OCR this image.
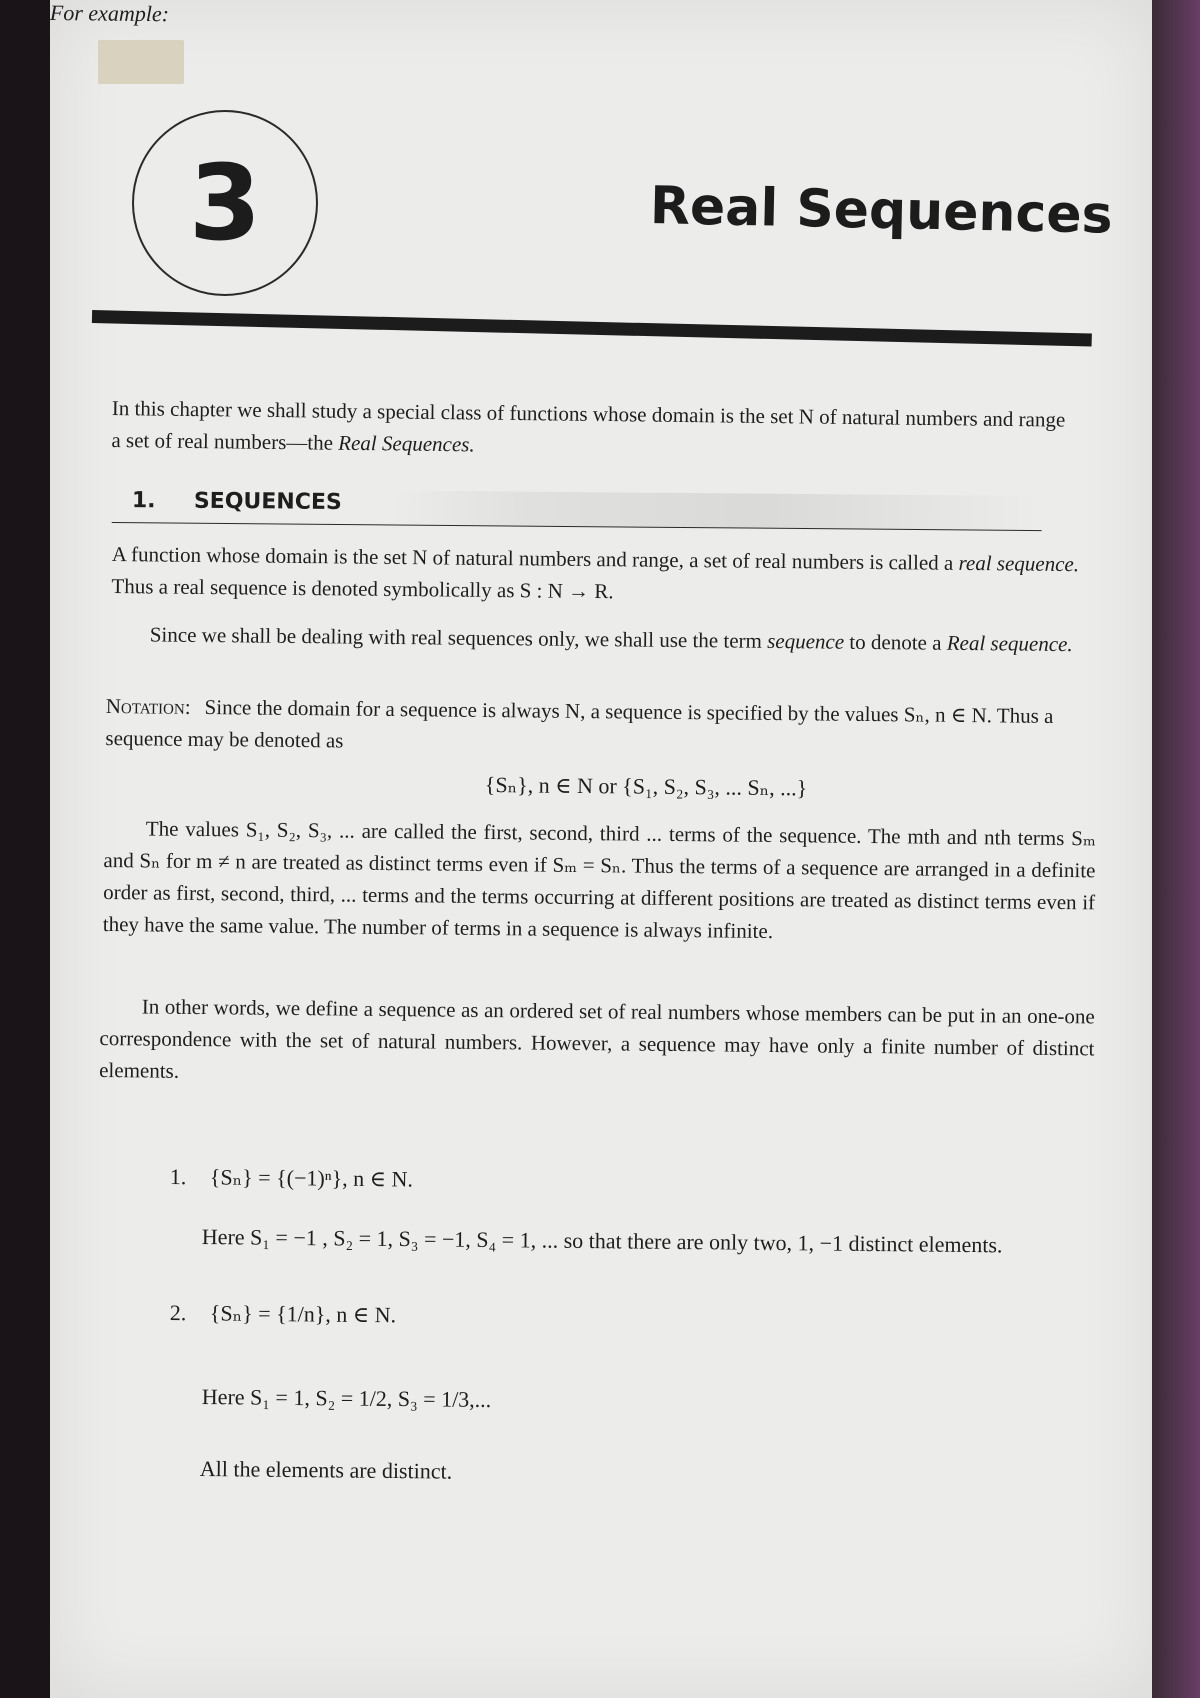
3	Real Sequences
In this chapter we shall study a special class of functions whose domain is the set N of natural numbers and range a set of real numbers—the Real Sequences.
1. SEQUENCES
A function whose domain is the set N of natural numbers and range, a set of real numbers is called a real sequence. Thus a real sequence is denoted symbolically as S : N → R.
Since we shall be dealing with real sequences only, we shall use the term sequence to denote a Real sequence.
Notation: Since the domain for a sequence is always N, a sequence is specified by the values Sₙ, n ∈ N. Thus a sequence may be denoted as
{Sₙ}, n ∈ N or {S₁, S₂, S₃, ... Sₙ, ...}
The values S₁, S₂, S₃, ... are called the first, second, third ... terms of the sequence. The mth and nth terms Sₘ and Sₙ for m ≠ n are treated as distinct terms even if Sₘ = Sₙ. Thus the terms of a sequence are arranged in a definite order as first, second, third, ... terms and the terms occurring at different positions are treated as distinct terms even if they have the same value. The number of terms in a sequence is always infinite.
In other words, we define a sequence as an ordered set of real numbers whose members can be put in an one-one correspondence with the set of natural numbers. However, a sequence may have only a finite number of distinct elements.
For example:
1. {Sₙ} = {(−1)ⁿ}, n ∈ N.
Here S₁ = −1 , S₂ = 1, S₃ = −1, S₄ = 1, ... so that there are only two, 1, −1 distinct elements.
2. {Sₙ} = {1/n}, n ∈ N.
Here S₁ = 1, S₂ = 1/2, S₃ = 1/3,...
All the elements are distinct.
